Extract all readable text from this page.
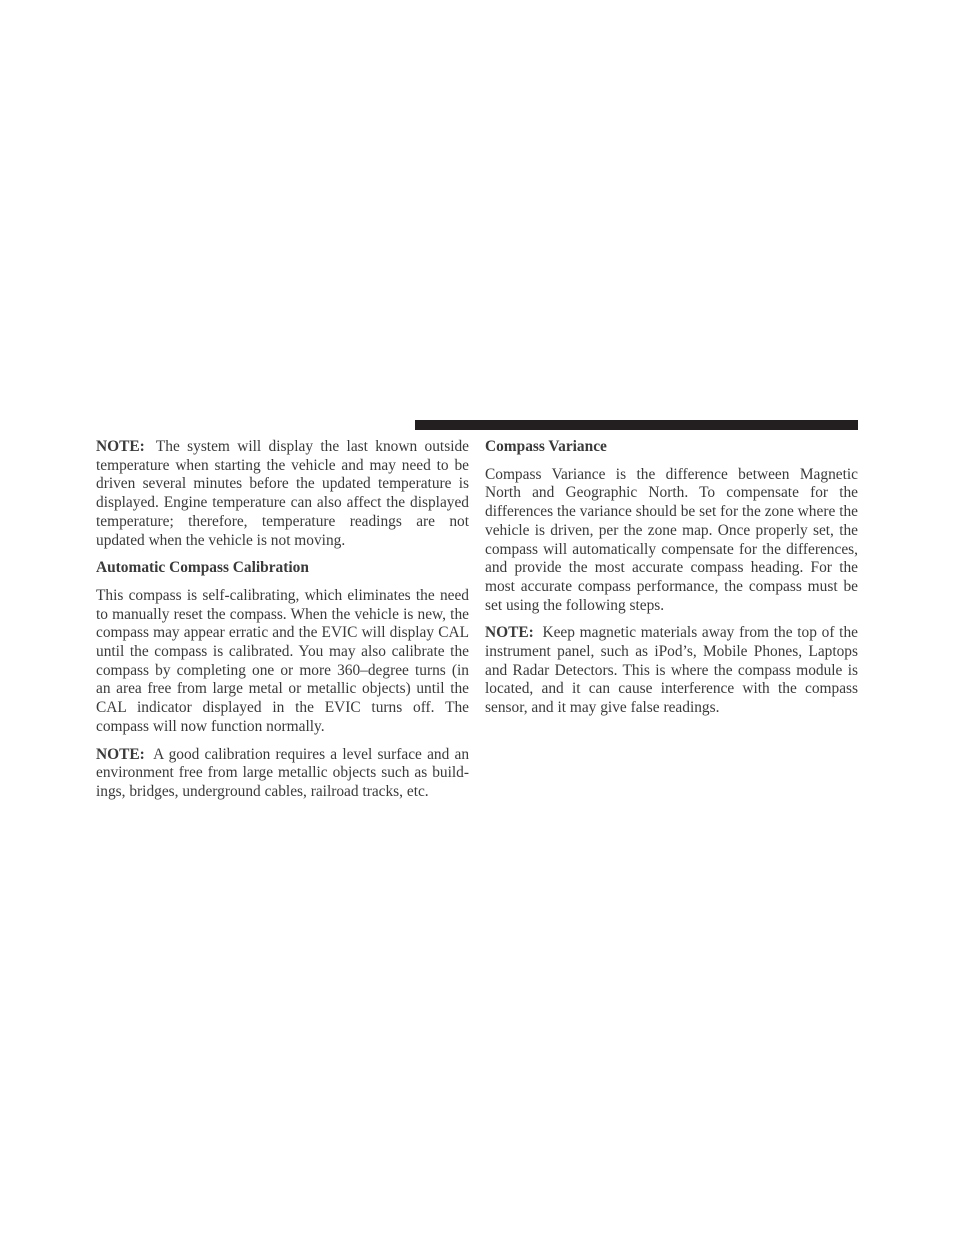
NOTE: The system will display the last known outside temperature when starting the vehicle and may need to be driven several minutes before the updated temperature is displayed. Engine temperature can also affect the displayed temperature; therefore, temperature readings are not updated when the vehicle is not moving.

Automatic Compass Calibration

This compass is self-calibrating, which eliminates the need to manually reset the compass. When the vehicle is new, the compass may appear erratic and the EVIC will display CAL until the compass is calibrated. You may also calibrate the compass by completing one or more 360–degree turns (in an area free from large metal or metallic objects) until the CAL indicator displayed in the EVIC turns off. The compass will now function normally.

NOTE: A good calibration requires a level surface and an environment free from large metallic objects such as buildings, bridges, underground cables, railroad tracks, etc.

Compass Variance

Compass Variance is the difference between Magnetic North and Geographic North. To compensate for the differences the variance should be set for the zone where the vehicle is driven, per the zone map. Once properly set, the compass will automatically compensate for the differences, and provide the most accurate compass heading. For the most accurate compass performance, the compass must be set using the following steps.

NOTE: Keep magnetic materials away from the top of the instrument panel, such as iPod’s, Mobile Phones, Laptops and Radar Detectors. This is where the compass module is located, and it can cause interference with the compass sensor, and it may give false readings.
